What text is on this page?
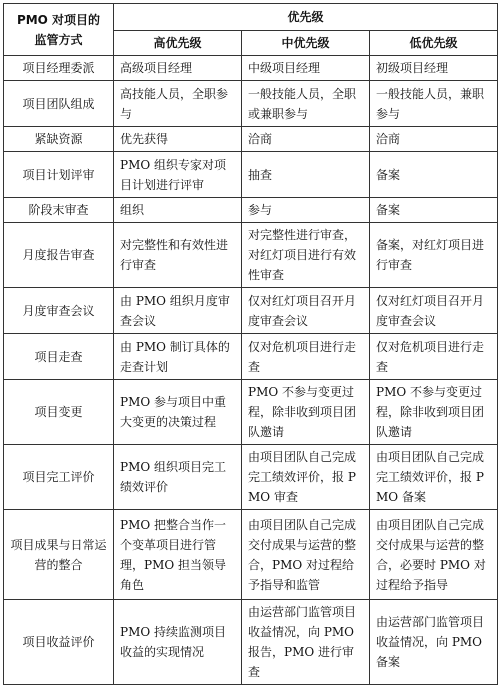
PMO 对项目的
监管方式	优先级		
	高优先级	中优先级	低优先级
项目经理委派	高级项目经理	中级项目经理	初级项目经理
项目团队组成	高技能人员，全职参与	一般技能人员，全职或兼职参与	一般技能人员，兼职参与
紧缺资源	优先获得	洽商	洽商
项目计划评审	PMO 组织专家对项目计划进行评审	抽查	备案
阶段末审查	组织	参与	备案
月度报告审查	对完整性和有效性进行审查	对完整性进行审查，对红灯项目进行有效性审查	备案，对红灯项目进行审查
月度审查会议	由 PMO 组织月度审查会议	仅对红灯项目召开月度审查会议	仅对红灯项目召开月度审查会议
项目走查	由 PMO 制订具体的走查计划	仅对危机项目进行走查	仅对危机项目进行走查
项目变更	PMO 参与项目中重大变更的决策过程	PMO 不参与变更过程，除非收到项目团队邀请	PMO 不参与变更过程，除非收到项目团队邀请
项目完工评价	PMO 组织项目完工绩效评价	由项目团队自己完成完工绩效评价，报 PMO 审查	由项目团队自己完成完工绩效评价，报 PMO 备案
项目成果与日常运营的整合	PMO 把整合当作一个变革项目进行管理，PMO 担当领导角色	由项目团队自己完成交付成果与运营的整合，PMO 对过程给予指导和监管	由项目团队自己完成交付成果与运营的整合，必要时 PMO 对过程给予指导
项目收益评价	PMO 持续监测项目收益的实现情况	由运营部门监管项目收益情况，向 PMO 报告，PMO 进行审查	由运营部门监管项目收益情况，向 PMO 备案
